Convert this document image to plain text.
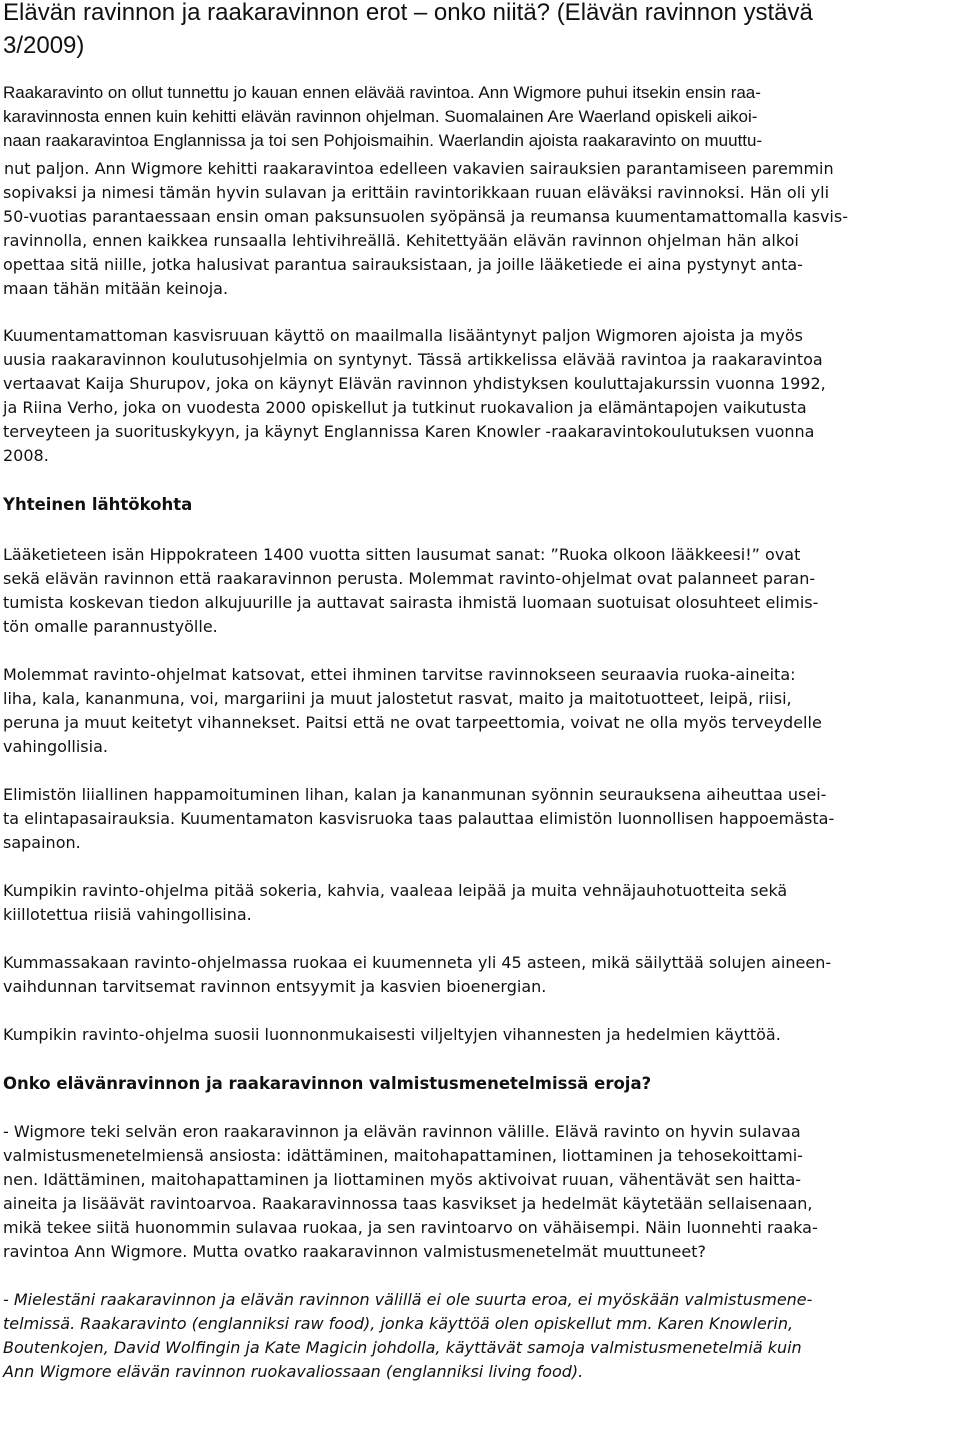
Elävän ravinnon ja raakaravinnon erot – onko niitä? (Elävän ravinnon ystävä
3/2009)
Raakaravinto on ollut tunnettu jo kauan ennen elävää ravintoa. Ann Wigmore puhui itsekin ensin raa-
karavinnosta ennen kuin kehitti elävän ravinnon ohjelman. Suomalainen Are Waerland opiskeli aikoi-
naan raakaravintoa Englannissa ja toi sen Pohjoismaihin. Waerlandin ajoista raakaravinto on muuttu-
nut paljon. Ann Wigmore kehitti raakaravintoa edelleen vakavien sairauksien parantamiseen paremmin
sopivaksi ja nimesi tämän hyvin sulavan ja erittäin ravintorikkaan ruuan eläväksi ravinnoksi. Hän oli yli
50-vuotias parantaessaan ensin oman paksunsuolen syöpänsä ja reumansa kuumentamattomalla kasvis-
ravinnolla, ennen kaikkea runsaalla lehtivihreällä. Kehitettyään elävän ravinnon ohjelman hän alkoi
opettaa sitä niille, jotka halusivat parantua sairauksistaan, ja joille lääketiede ei aina pystynyt anta-
maan tähän mitään keinoja.
Kuumentamattoman kasvisruuan käyttö on maailmalla lisääntynyt paljon Wigmoren ajoista ja myös
uusia raakaravinnon koulutusohjelmia on syntynyt. Tässä artikkelissa elävää ravintoa ja raakaravintoa
vertaavat Kaija Shurupov, joka on käynyt Elävän ravinnon yhdistyksen kouluttajakurssin vuonna 1992,
ja Riina Verho, joka on vuodesta 2000 opiskellut ja tutkinut ruokavalion ja elämäntapojen vaikutusta
terveyteen ja suorituskykyyn, ja käynyt Englannissa Karen Knowler -raakaravintokoulutuksen vuonna
2008.
Yhteinen lähtökohta
Lääketieteen isän Hippokrateen 1400 vuotta sitten lausumat sanat: ”Ruoka olkoon lääkkeesi!” ovat
sekä elävän ravinnon että raakaravinnon perusta. Molemmat ravinto-ohjelmat ovat palanneet paran-
tumista koskevan tiedon alkujuurille ja auttavat sairasta ihmistä luomaan suotuisat olosuhteet elimis-
tön omalle parannustyölle.
Molemmat ravinto-ohjelmat katsovat, ettei ihminen tarvitse ravinnokseen seuraavia ruoka-aineita:
liha, kala, kananmuna, voi, margariini ja muut jalostetut rasvat, maito ja maitotuotteet, leipä, riisi,
peruna ja muut keitetyt vihannekset. Paitsi että ne ovat tarpeettomia, voivat ne olla myös terveydelle
vahingollisia.
Elimistön liiallinen happamoituminen lihan, kalan ja kananmunan syönnin seurauksena aiheuttaa usei-
ta elintapasairauksia. Kuumentamaton kasvisruoka taas palauttaa elimistön luonnollisen happoemästa-
sapainon.
Kumpikin ravinto-ohjelma pitää sokeria, kahvia, vaaleaa leipää ja muita vehnäjauhotuotteita sekä
kiillotettua riisiä vahingollisina.
Kummassakaan ravinto-ohjelmassa ruokaa ei kuumenneta yli 45 asteen, mikä säilyttää solujen aineen-
vaihdunnan tarvitsemat ravinnon entsyymit ja kasvien bioenergian.
Kumpikin ravinto-ohjelma suosii luonnonmukaisesti viljeltyjen vihannesten ja hedelmien käyttöä.
Onko elävänravinnon ja raakaravinnon valmistusmenetelmissä eroja?
- Wigmore teki selvän eron raakaravinnon ja elävän ravinnon välille. Elävä ravinto on hyvin sulavaa
valmistusmenetelmiensä ansiosta: idättäminen, maitohapattaminen, liottaminen ja tehosekoittami-
nen. Idättäminen, maitohapattaminen ja liottaminen myös aktivoivat ruuan, vähentävät sen haitta-
aineita ja lisäävät ravintoarvoa. Raakaravinnossa taas kasvikset ja hedelmät käytetään sellaisenaan,
mikä tekee siitä huonommin sulavaa ruokaa, ja sen ravintoarvo on vähäisempi. Näin luonnehti raaka-
ravintoa Ann Wigmore. Mutta ovatko raakaravinnon valmistusmenetelmät muuttuneet?
- Mielestäni raakaravinnon ja elävän ravinnon välillä ei ole suurta eroa, ei myöskään valmistusmene-
telmissä. Raakaravinto (englanniksi raw food), jonka käyttöä olen opiskellut mm. Karen Knowlerin,
Boutenkojen, David Wolfingin ja Kate Magicin johdolla, käyttävät samoja valmistusmenetelmiä kuin
Ann Wigmore elävän ravinnon ruokavaliossaan (englanniksi living food).
